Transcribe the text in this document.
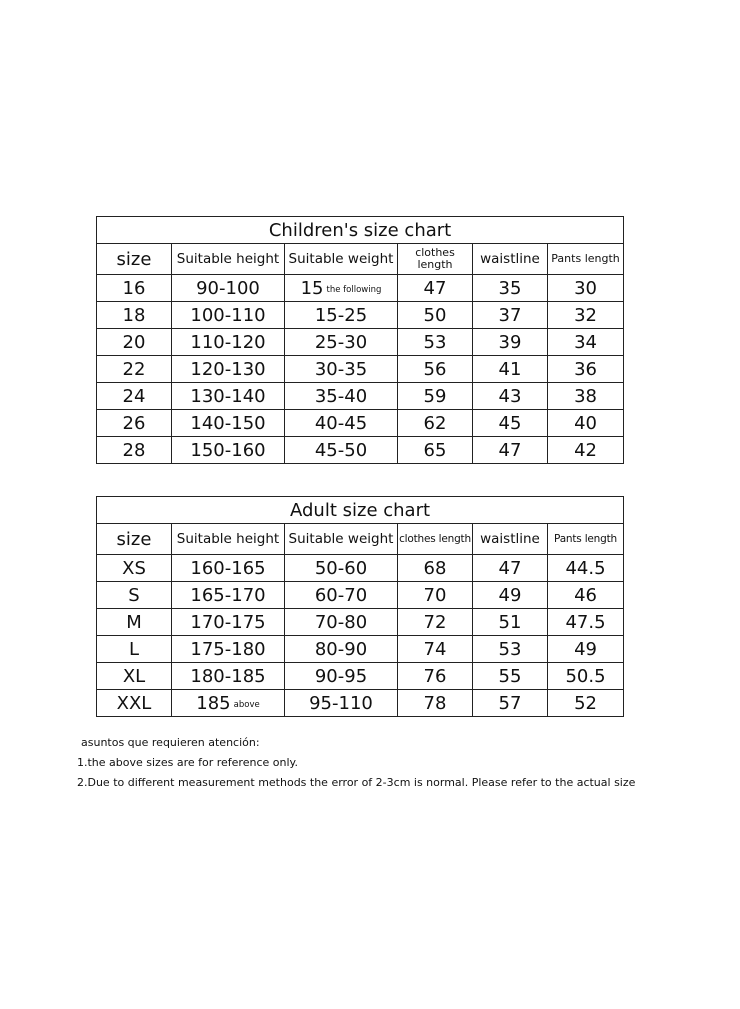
Children's size chart					
size	Suitable height	Suitable weight	clothes length	waistline	Pants length
16	90-100	15 the following	47	35	30
18	100-110	15-25	50	37	32
20	110-120	25-30	53	39	34
22	120-130	30-35	56	41	36
24	130-140	35-40	59	43	38
26	140-150	40-45	62	45	40
28	150-160	45-50	65	47	42
Adult size chart					
size	Suitable height	Suitable weight	clothes length	waistline	Pants length
XS	160-165	50-60	68	47	44.5
S	165-170	60-70	70	49	46
M	170-175	70-80	72	51	47.5
L	175-180	80-90	74	53	49
XL	180-185	90-95	76	55	50.5
XXL	185 above	95-110	78	57	52
asuntos que requieren atención:
1.the above sizes are for reference only.
2.Due to different measurement methods the error of 2-3cm is normal. Please refer to the actual size
